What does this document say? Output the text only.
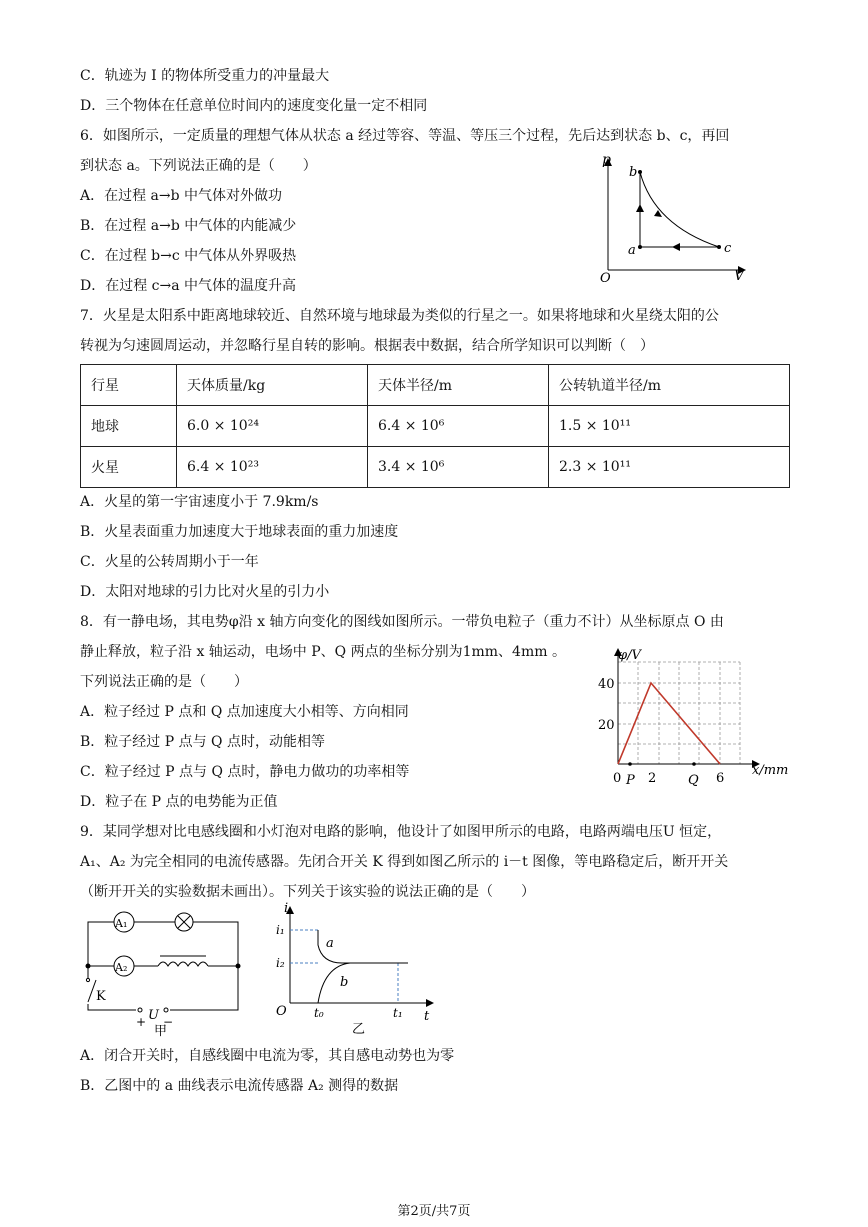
C．轨迹为 I 的物体所受重力的冲量最大
D．三个物体在任意单位时间内的速度变化量一定不相同
6．如图所示，一定质量的理想气体从状态 a 经过等容、等温、等压三个过程，先后达到状态 b、c，再回
到状态 a。下列说法正确的是（　　）
A．在过程 a→b 中气体对外做功
B．在过程 a→b 中气体的内能减少
C．在过程 b→c 中气体从外界吸热
D．在过程 c→a 中气体的温度升高
p
V
O
b
a	c
7．火星是太阳系中距离地球较近、自然环境与地球最为类似的行星之一。如果将地球和火星绕太阳的公
转视为匀速圆周运动，并忽略行星自转的影响。根据表中数据，结合所学知识可以判断（　）
行星	天体质量/kg	天体半径/m	公转轨道半径/m
地球	6.0 × 10²⁴	6.4 × 10⁶	1.5 × 10¹¹
火星	6.4 × 10²³	3.4 × 10⁶	2.3 × 10¹¹
A．火星的第一宇宙速度小于 7.9km/s
B．火星表面重力加速度大于地球表面的重力加速度
C．火星的公转周期小于一年
D．太阳对地球的引力比对火星的引力小
8．有一静电场，其电势φ沿 x 轴方向变化的图线如图所示。一带负电粒子（重力不计）从坐标原点 O 由
静止释放，粒子沿 x 轴运动，电场中 P、Q 两点的坐标分别为1mm、4mm 。
下列说法正确的是（　　）
A．粒子经过 P 点和 Q 点加速度大小相等、方向相同
B．粒子经过 P 点与 Q 点时，动能相等
C．粒子经过 P 点与 Q 点时，静电力做功的功率相等
D．粒子在 P 点的电势能为正值
φ/V
x/mm
40
20
0 P 2 Q 6
9．某同学想对比电感线圈和小灯泡对电路的影响，他设计了如图甲所示的电路，电路两端电压U 恒定，
A₁、A₂ 为完全相同的电流传感器。先闭合开关 K 得到如图乙所示的 i－t 图像，等电路稳定后，断开开关
（断开开关的实验数据未画出）。下列关于该实验的说法正确的是（　　）
A₁
A₂
K
U
+ −
甲
i
t
O
i₁
i₂
t₀	t₁
a
b
乙
A．闭合开关时，自感线圈中电流为零，其自感电动势也为零
B．乙图中的 a 曲线表示电流传感器 A₂ 测得的数据
第2页/共7页
